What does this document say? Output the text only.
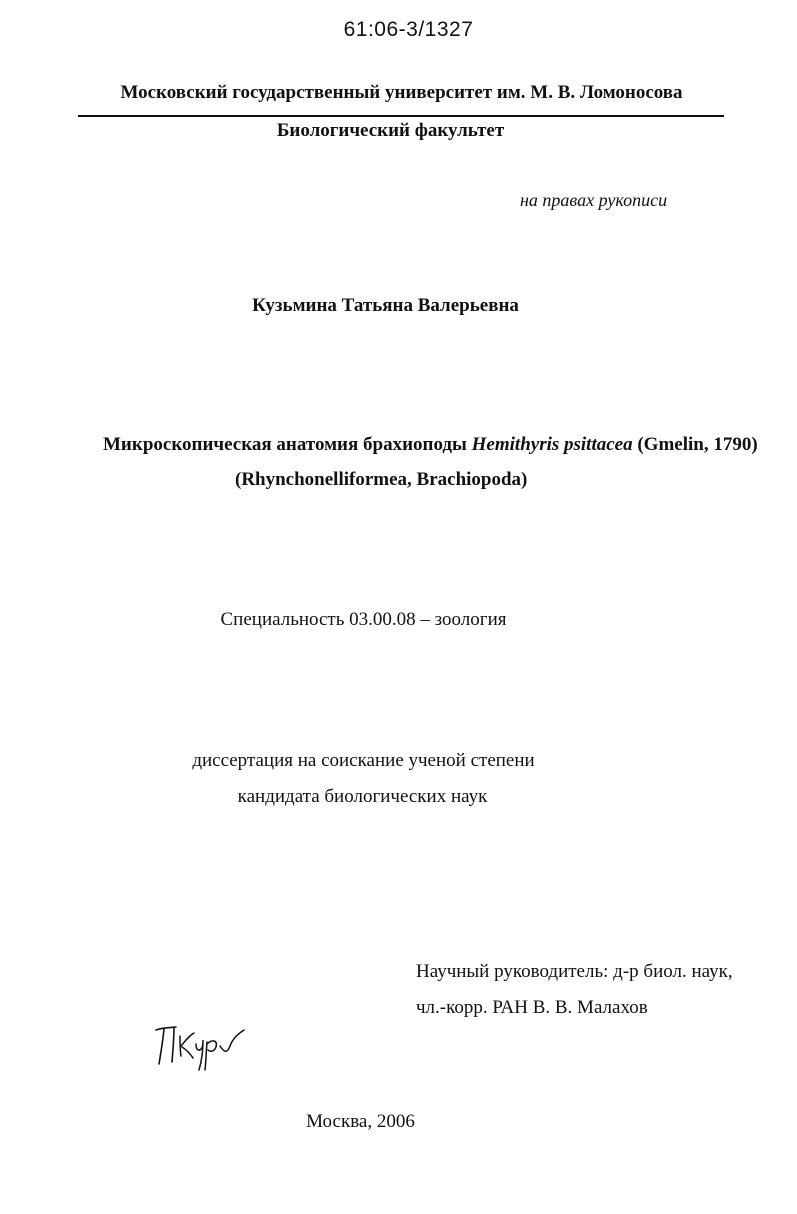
61:06-3/1327
Московский государственный университет им. М. В. Ломоносова
Биологический факультет
на правах рукописи
Кузьмина Татьяна Валерьевна
Микроскопическая анатомия брахиоподы Hemithyris psittacea (Gmelin, 1790)
(Rhynchonelliformea, Brachiopoda)
Специальность 03.00.08 – зоология
диссертация на соискание ученой степени
кандидата биологических наук
Научный руководитель: д-р биол. наук,
чл.-корр. РАН В. В. Малахов
Москва, 2006
